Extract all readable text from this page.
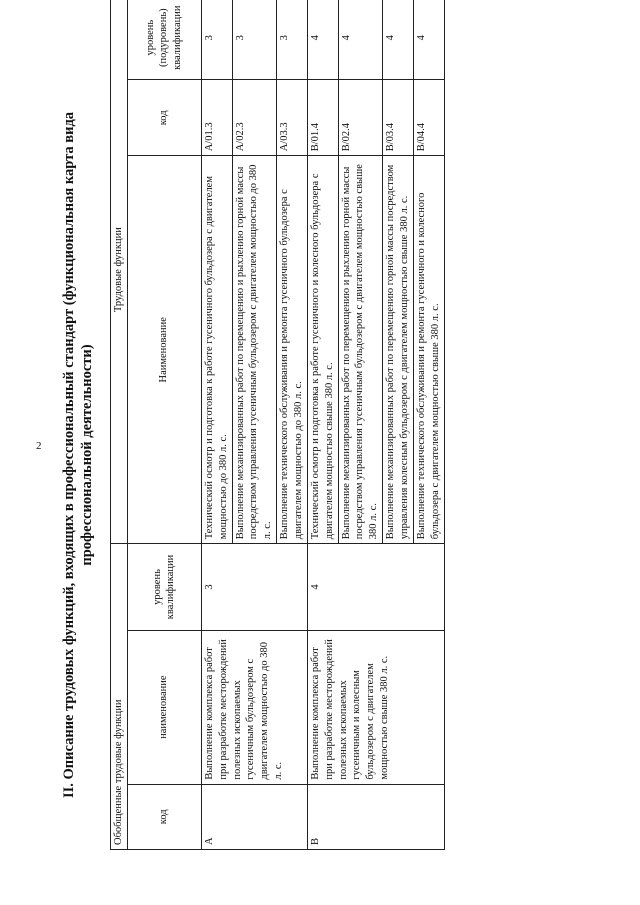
2	II. Описание трудовых функций, входящих в профессиональный стандарт (функциональная карта вида профессиональной деятельности)
Обобщенные трудовые функции			Трудовые функции		
код	наименование	уровень квалификации	Наименование	код	уровень (подуровень) квалификации
A	Выполнение комплекса работ при разработке месторождений полезных ископаемых гусеничным бульдозером с двигателем мощностью до 380 л. с.	3	Технический осмотр и подготовка к работе гусеничного бульдозера с двигателем мощностью до 380 л. с.	A/01.3	3
			Выполнение механизированных работ по перемещению и рыхлению горной массы посредством управления гусеничным бульдозером с двигателем мощностью до 380 л. с.	A/02.3	3
			Выполнение технического обслуживания и ремонта гусеничного бульдозера с двигателем мощностью до 380 л. с.	A/03.3	3
B	Выполнение комплекса работ при разработке месторождений полезных ископаемых гусеничным и колесным бульдозером с двигателем мощностью свыше 380 л. с.	4	Технический осмотр и подготовка к работе гусеничного и колесного бульдозера с двигателем мощностью свыше 380 л. с.	B/01.4	4
			Выполнение механизированных работ по перемещению и рыхлению горной массы посредством управления гусеничным бульдозером с двигателем мощностью свыше 380 л. с.	B/02.4	4
			Выполнение механизированных работ по перемещению горной массы посредством управления колесным бульдозером с двигателем мощностью свыше 380 л. с.	B/03.4	4
			Выполнение технического обслуживания и ремонта гусеничного и колесного бульдозера с двигателем мощностью свыше 380 л. с.	B/04.4	4
